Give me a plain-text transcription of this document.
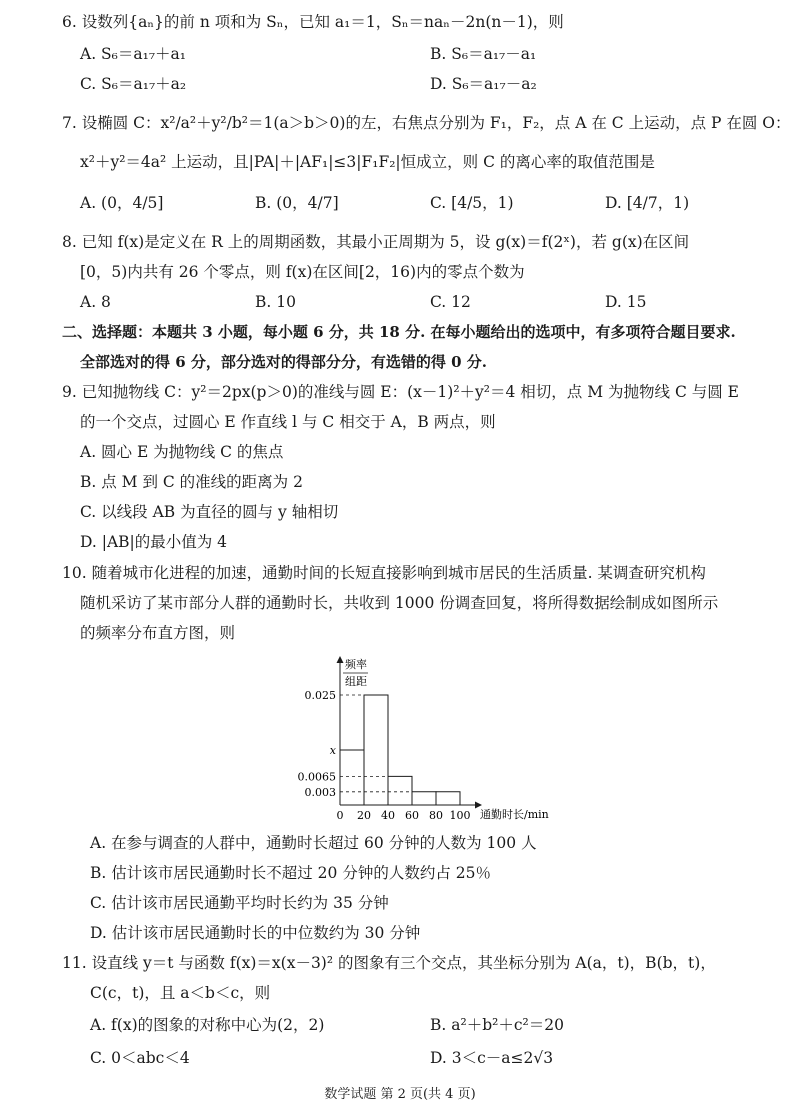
6. 设数列{aₙ}的前 n 项和为 Sₙ，已知 a₁＝1，Sₙ＝naₙ－2n(n－1)，则
A. S₆＝a₁₇＋a₁	B. S₆＝a₁₇－a₁
C. S₆＝a₁₇＋a₂	D. S₆＝a₁₇－a₂
7. 设椭圆 C：x²/a²＋y²/b²＝1(a＞b＞0)的左，右焦点分别为 F₁，F₂，点 A 在 C 上运动，点 P 在圆 O：
x²＋y²＝4a² 上运动，且|PA|＋|AF₁|≤3|F₁F₂|恒成立，则 C 的离心率的取值范围是
A. (0，4/5]	B. (0，4/7]	C. [4/5，1)	D. [4/7，1)
8. 已知 f(x)是定义在 R 上的周期函数，其最小正周期为 5，设 g(x)＝f(2ˣ)，若 g(x)在区间
[0，5)内共有 26 个零点，则 f(x)在区间[2，16)内的零点个数为
A. 8	B. 10	C. 12	D. 15
二、选择题：本题共 3 小题，每小题 6 分，共 18 分. 在每小题给出的选项中，有多项符合题目要求.
全部选对的得 6 分，部分选对的得部分分，有选错的得 0 分.
9. 已知抛物线 C：y²＝2px(p＞0)的准线与圆 E：(x－1)²＋y²＝4 相切，点 M 为抛物线 C 与圆 E
的一个交点，过圆心 E 作直线 l 与 C 相交于 A，B 两点，则
A. 圆心 E 为抛物线 C 的焦点
B. 点 M 到 C 的准线的距离为 2
C. 以线段 AB 为直径的圆与 y 轴相切
D. |AB|的最小值为 4
10. 随着城市化进程的加速，通勤时间的长短直接影响到城市居民的生活质量. 某调查研究机构
随机采访了某市部分人群的通勤时长，共收到 1000 份调查回复，将所得数据绘制成如图所示
的频率分布直方图，则
频率
组距
通勤时长/min
0.025
x
0.0065
0.003
0 20 40 60 80 100
A. 在参与调查的人群中，通勤时长超过 60 分钟的人数为 100 人
B. 估计该市居民通勤时长不超过 20 分钟的人数约占 25％
C. 估计该市居民通勤平均时长约为 35 分钟
D. 估计该市居民通勤时长的中位数约为 30 分钟
11. 设直线 y＝t 与函数 f(x)＝x(x－3)² 的图象有三个交点，其坐标分别为 A(a，t)，B(b，t)，
C(c，t)，且 a＜b＜c，则
A. f(x)的图象的对称中心为(2，2)	B. a²＋b²＋c²＝20
C. 0＜abc＜4	D. 3＜c－a≤2√3
数学试题 第 2 页(共 4 页)
